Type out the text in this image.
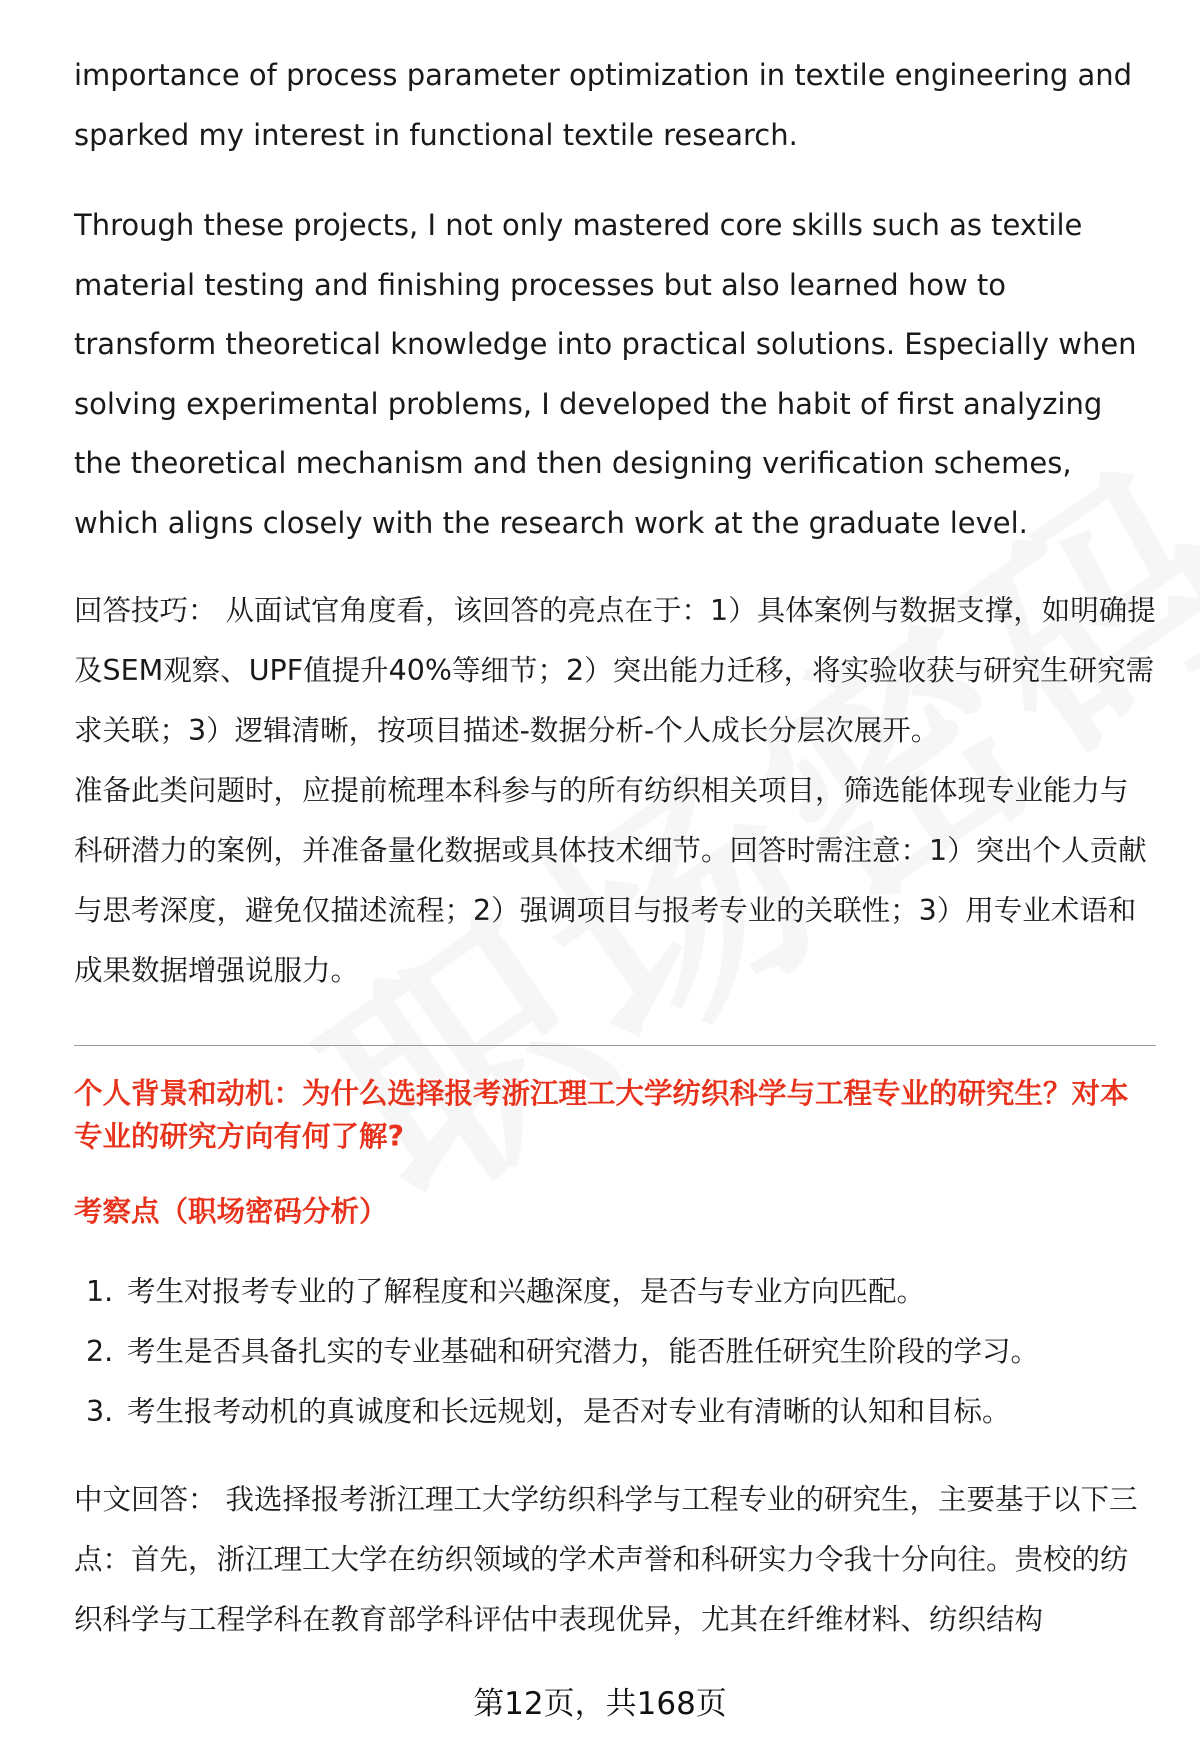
importance of process parameter optimization in textile engineering and sparked my interest in functional textile research.

Through these projects, I not only mastered core skills such as textile material testing and finishing processes but also learned how to transform theoretical knowledge into practical solutions. Especially when solving experimental problems, I developed the habit of first analyzing the theoretical mechanism and then designing verification schemes, which aligns closely with the research work at the graduate level.

回答技巧： 从面试官角度看，该回答的亮点在于：1）具体案例与数据支撑，如明确提及SEM观察、UPF值提升40%等细节；2）突出能力迁移，将实验收获与研究生研究需求关联；3）逻辑清晰，按项目描述-数据分析-个人成长分层次展开。

准备此类问题时，应提前梳理本科参与的所有纺织相关项目，筛选能体现专业能力与科研潜力的案例，并准备量化数据或具体技术细节。回答时需注意：1）突出个人贡献与思考深度，避免仅描述流程；2）强调项目与报考专业的关联性；3）用专业术语和成果数据增强说服力。

个人背景和动机：为什么选择报考浙江理工大学纺织科学与工程专业的研究生？对本专业的研究方向有何了解?

考察点（职场密码分析）

1. 考生对报考专业的了解程度和兴趣深度，是否与专业方向匹配。
2. 考生是否具备扎实的专业基础和研究潜力，能否胜任研究生阶段的学习。
3. 考生报考动机的真诚度和长远规划，是否对专业有清晰的认知和目标。

中文回答： 我选择报考浙江理工大学纺织科学与工程专业的研究生，主要基于以下三点：首先，浙江理工大学在纺织领域的学术声誉和科研实力令我十分向往。贵校的纺织科学与工程学科在教育部学科评估中表现优异，尤其在纤维材料、纺织结构

第12页，共168页
